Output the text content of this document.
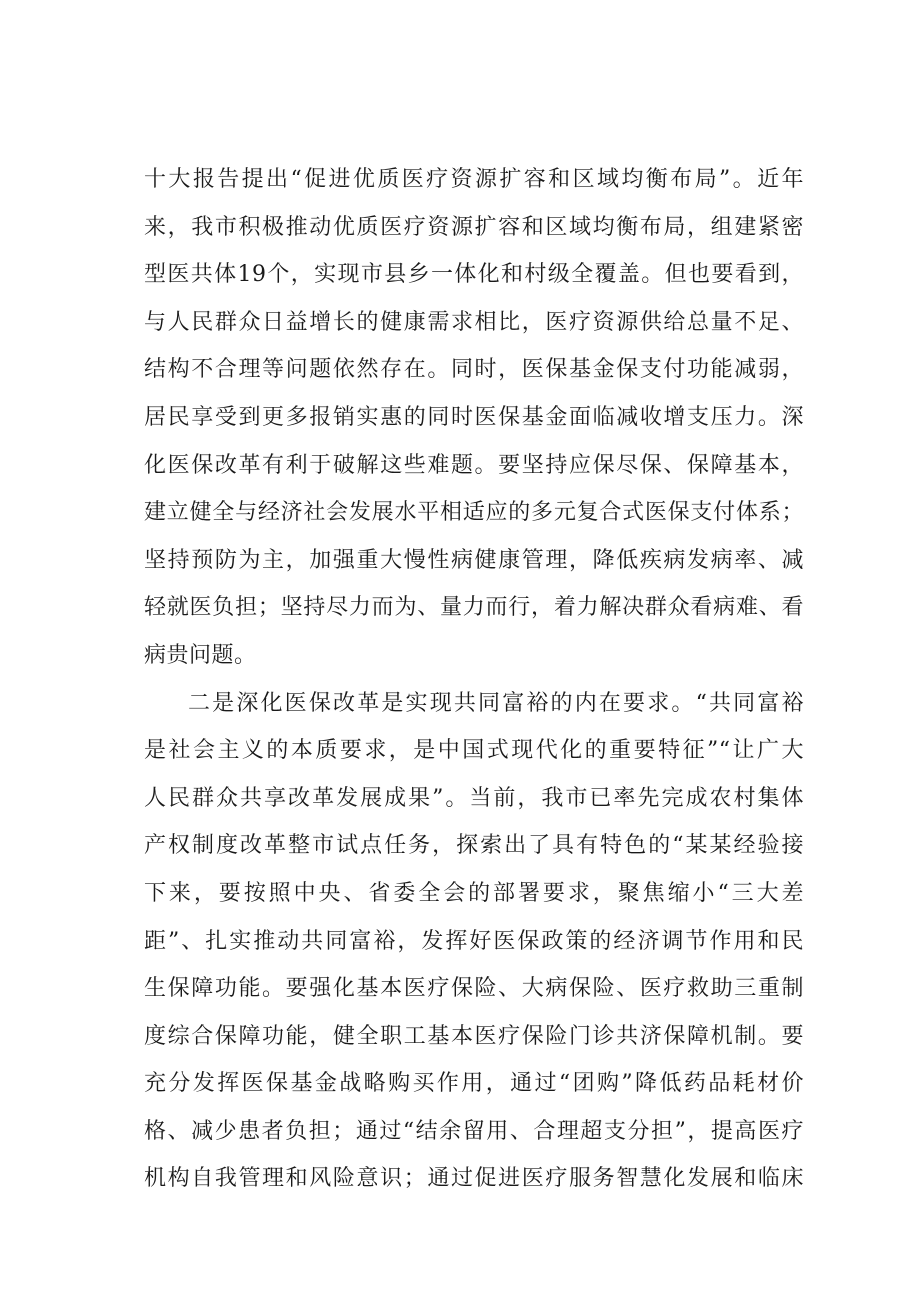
十大报告提出“促进优质医疗资源扩容和区域均衡布局”。近年
来，我市积极推动优质医疗资源扩容和区域均衡布局，组建紧密
型医共体19个，实现市县乡一体化和村级全覆盖。但也要看到，
与人民群众日益增长的健康需求相比，医疗资源供给总量不足、
结构不合理等问题依然存在。同时，医保基金保支付功能减弱，
居民享受到更多报销实惠的同时医保基金面临减收增支压力。深
化医保改革有利于破解这些难题。要坚持应保尽保、保障基本，
建立健全与经济社会发展水平相适应的多元复合式医保支付体系；
坚持预防为主，加强重大慢性病健康管理，降低疾病发病率、减
轻就医负担；坚持尽力而为、量力而行，着力解决群众看病难、看
病贵问题。
二是深化医保改革是实现共同富裕的内在要求。“共同富裕
是社会主义的本质要求，是中国式现代化的重要特征”“让广大
人民群众共享改革发展成果”。当前，我市已率先完成农村集体
产权制度改革整市试点任务，探索出了具有特色的“某某经验接
下来，要按照中央、省委全会的部署要求，聚焦缩小“三大差
距”、扎实推动共同富裕，发挥好医保政策的经济调节作用和民
生保障功能。要强化基本医疗保险、大病保险、医疗救助三重制
度综合保障功能，健全职工基本医疗保险门诊共济保障机制。要
充分发挥医保基金战略购买作用，通过“团购”降低药品耗材价
格、减少患者负担；通过“结余留用、合理超支分担”，提高医疗
机构自我管理和风险意识；通过促进医疗服务智慧化发展和临床
